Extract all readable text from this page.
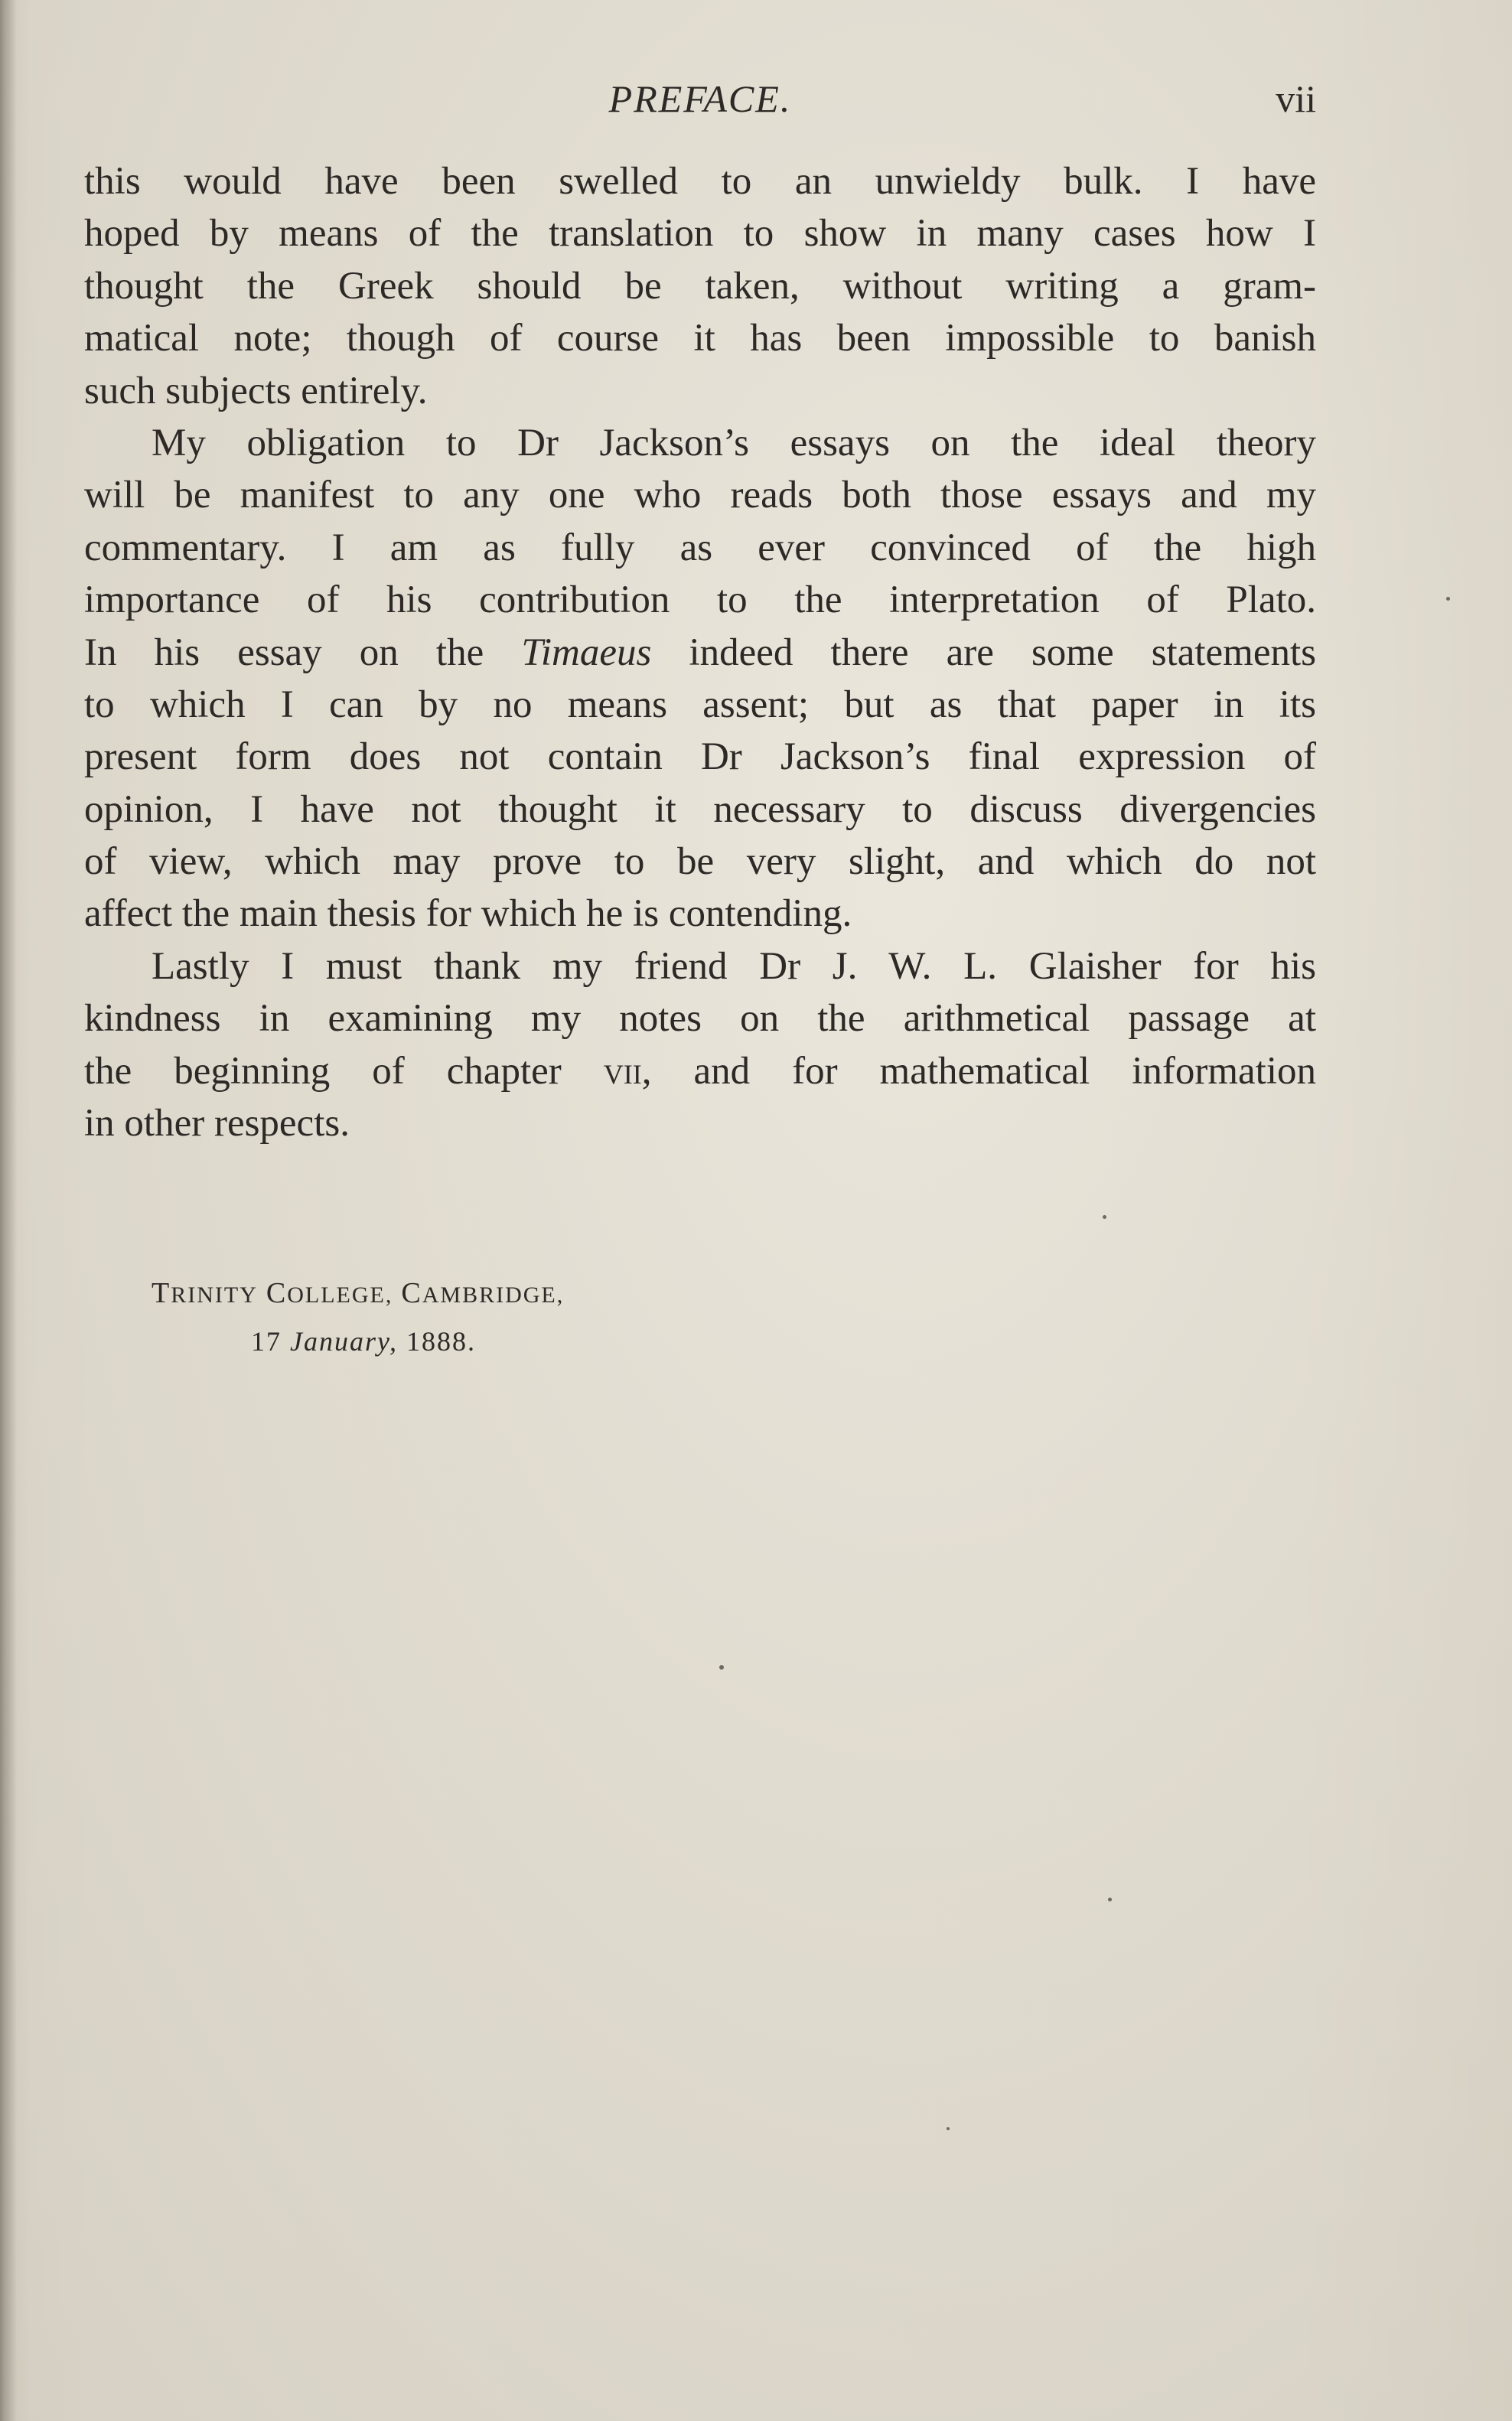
PREFACE.	vii
this would have been swelled to an unwieldy bulk. I have
hoped by means of the translation to show in many cases how I
thought the Greek should be taken, without writing a gram-
matical note; though of course it has been impossible to banish
such subjects entirely.
My obligation to Dr Jackson’s essays on the ideal theory
will be manifest to any one who reads both those essays and my
commentary. I am as fully as ever convinced of the high
importance of his contribution to the interpretation of Plato.
In his essay on the Timaeus indeed there are some statements
to which I can by no means assent; but as that paper in its
present form does not contain Dr Jackson’s final expression of
opinion, I have not thought it necessary to discuss divergencies
of view, which may prove to be very slight, and which do not
affect the main thesis for which he is contending.
Lastly I must thank my friend Dr J. W. L. Glaisher for his
kindness in examining my notes on the arithmetical passage at
the beginning of chapter vii, and for mathematical information
in other respects.
TRINITY COLLEGE, CAMBRIDGE,
17 January, 1888.
